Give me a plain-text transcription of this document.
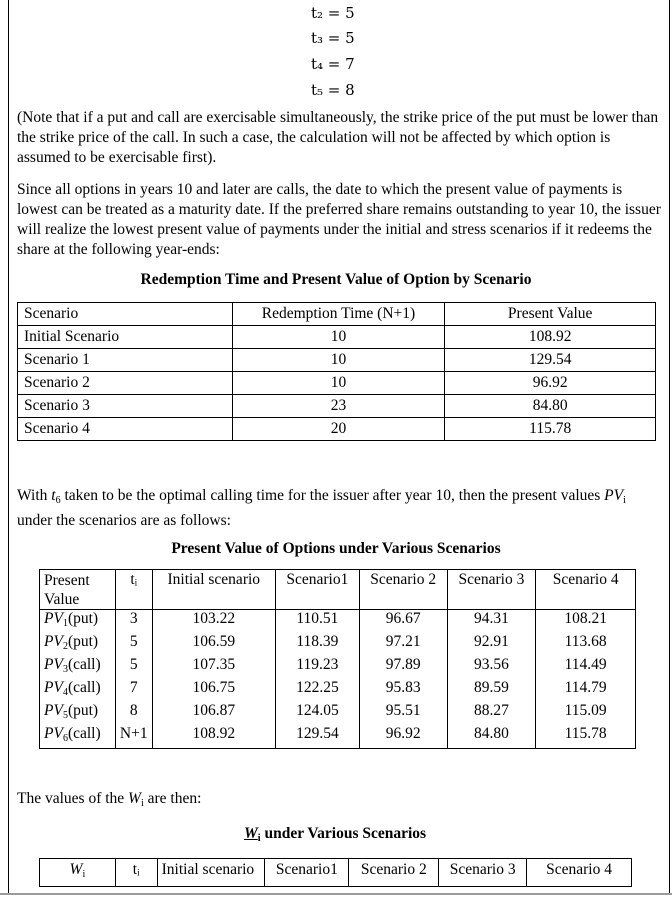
t₂ = 5
t₃ = 5
t₄ = 7
t₅ = 8

(Note that if a put and call are exercisable simultaneously, the strike price of the put must be lower than the strike price of the call. In such a case, the calculation will not be affected by which option is assumed to be exercisable first).

Since all options in years 10 and later are calls, the date to which the present value of payments is lowest can be treated as a maturity date. If the preferred share remains outstanding to year 10, the issuer will realize the lowest present value of payments under the initial and stress scenarios if it redeems the share at the following year-ends:

Redemption Time and Present Value of Option by Scenario
Scenario	Redemption Time (N+1)	Present Value
Initial Scenario	10	108.92
Scenario 1	10	129.54
Scenario 2	10	96.92
Scenario 3	23	84.80
Scenario 4	20	115.78

With $t_6$ taken to be the optimal calling time for the issuer after year 10, then the present values $PV_i$ under the scenarios are as follows:

Present Value of Options under Various Scenarios
Present Value	tᵢ	Initial scenario	Scenario1	Scenario 2	Scenario 3	Scenario 4
$PV_1(put)$	3	103.22	110.51	96.67	94.31	108.21
$PV_2(put)$	5	106.59	118.39	97.21	92.91	113.68
$PV_3(call)$	5	107.35	119.23	97.89	93.56	114.49
$PV_4(call)$	7	106.75	122.25	95.83	89.59	114.79
$PV_5(put)$	8	106.87	124.05	95.51	88.27	115.09
$PV_6(call)$	N+1	108.92	129.54	96.92	84.80	115.78

The values of the $W_i$ are then:

$W_i$ under Various Scenarios
$W_i$	tᵢ	Initial scenario	Scenario1	Scenario 2	Scenario 3	Scenario 4
